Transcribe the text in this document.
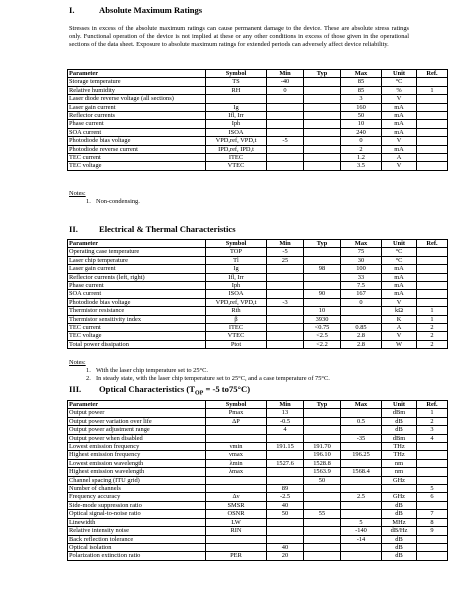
I.	Absolute Maximum Ratings

Stresses in excess of the absolute maximum ratings can cause permanent damage to the device. These are absolute stress ratings only. Functional operation of the device is not implied at these or any other conditions in excess of those given in the operational sections of the data sheet. Exposure to absolute maximum ratings for extended periods can adversely affect device reliability.

Parameter	Symbol	Min	Typ	Max	Unit	Ref.
Storage temperature	TS	-40		85	°C	
Relative humidity	RH	0		85	%	1
Laser diode reverse voltage (all sections)				3	V	
Laser gain current	Ig			160	mA	
Reflector currents	Ifl, Irr			50	mA	
Phase current	Iph			10	mA	
SOA current	ISOA			240	mA	
Photodiode bias voltage	VPD,ref, VPD,t	-5		0	V	
Photodiode reverse current	IPD,ref, IPD,t			2	mA	
TEC current	ITEC			1.2	A	
TEC voltage	VTEC			3.5	V	
Notes:
1. Non-condensing.
II. Electrical & Thermal Characteristics
Parameter	Symbol	Min	Typ	Max	Unit	Ref.
Operating case temperature	TOP	-5		75	°C	
Laser chip temperature	Tl	25		30	°C	
Laser gain current	Ig		98	100	mA	
Reflector currents (left, right)	Ifl, Irr			33	mA	
Phase current	Iph			7.5	mA	
SOA current	ISOA		90	167	mA	
Photodiode bias voltage	VPD,ref, VPD,t	-3		0	V	
Thermistor resistance	Rth		10		kΩ	1
Thermistor sensitivity index	β		3930		K	1
TEC current	ITEC		<0.75	0.85	A	2
TEC voltage	VTEC		<2.5	2.8	V	2
Total power dissipation	Ptot		<2.2	2.8	W	2
Notes:
1. With the laser chip temperature set to 25°C.
2. In steady state, with the laser chip temperature set to 25°C, and a case temperature of 75°C.
III. Optical Characteristics ($T_{OP} = -5$ to75°C)
Parameter	Symbol	Min	Typ	Max	Unit	Ref.
Output power	Pmax	13			dBm	1
Output power variation over life	ΔP	-0.5		0.5	dB	2
Output power adjustment range		4			dB	3
Output power when disabled				-35	dBm	4
Lowest emission frequency	νmin	191.15	191.70		THz	
Highest emission frequency	νmax		196.10	196.25	THz	
Lowest emission wavelength	λmin	1527.6	1528.8		nm	
Highest emission wavelength	λmax		1563.9	1568.4	nm	
Channel spacing (ITU grid)			50		GHz	
Number of channels		89				5
Frequency accuracy	Δν	-2.5		2.5	GHz	6
Side-mode suppression ratio	SMSR	40			dB	
Optical signal-to-noise ratio	OSNR	50	55		dB	7
Linewidth	LW			5	MHz	8
Relative intensity noise	RIN			-140	dB/Hz	9
Back reflection tolerance				-14	dB	
Optical isolation		40			dB	
Polarization extinction ratio	PER	20			dB	
